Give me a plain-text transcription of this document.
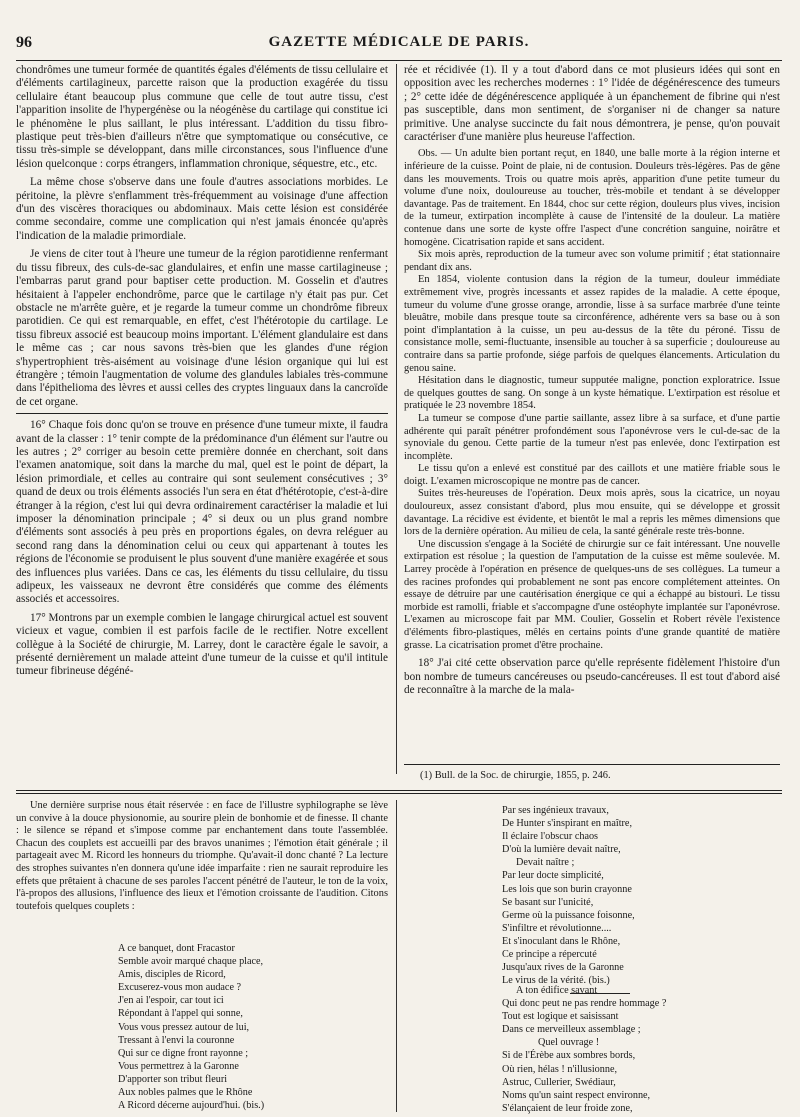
96	GAZETTE MÉDICALE DE PARIS.

chondrômes une tumeur formée de quantités égales d'éléments de tissu cellulaire et d'éléments cartilagineux, parcette raison que la production exagérée du tissu cellulaire étant beaucoup plus commune que celle de tout autre tissu, c'est l'apparition insolite de l'hypergénèse ou la néogénèse du cartilage qui constitue ici le phénomène le plus saillant, le plus intéressant. L'addition du tissu fibro-plastique peut très-bien d'ailleurs n'être que symptomatique ou consécutive, ce tissu très-simple se développant, dans mille circonstances, sous l'influence d'une lésion quelconque : corps étrangers, inflammation chronique, séquestre, etc., etc.

La même chose s'observe dans une foule d'autres associations morbides. Le péritoine, la plèvre s'enflamment très-fréquemment au voisinage d'une affection d'un des viscères thoraciques ou abdominaux. Mais cette lésion est considérée comme secondaire, comme une complication qui n'est jamais énoncée qu'après l'indication de la maladie primordiale.

Je viens de citer tout à l'heure une tumeur de la région parotidienne renfermant du tissu fibreux, des culs-de-sac glandulaires, et enfin une masse cartilagineuse ; l'embarras parut grand pour baptiser cette production. M. Gosselin et d'autres hésitaient à l'appeler enchondrôme, parce que le cartilage n'y était pas pur. Cet obstacle ne m'arrête guère, et je regarde la tumeur comme un chondrôme fibreux parotidien. Ce qui est remarquable, en effet, c'est l'hétérotopie du cartilage. Le tissu fibreux associé est beaucoup moins important. L'élément glandulaire est dans le même cas ; car nous savons très-bien que les glandes d'une région s'hypertrophient très-aisément au voisinage d'une lésion organique qui lui est étrangère ; témoin l'augmentation de volume des glandules labiales très-commune dans l'épithelioma des lèvres et aussi celles des cryptes linguaux dans la cancroïde de cet organe.

16° Chaque fois donc qu'on se trouve en présence d'une tumeur mixte, il faudra avant de la classer : 1° tenir compte de la prédominance d'un élément sur l'autre ou les autres ; 2° corriger au besoin cette première donnée en cherchant, soit dans l'examen anatomique, soit dans la marche du mal, quel est le point de départ, la lésion primordiale, et celles au contraire qui sont seulement consécutives ; 3° quand de deux ou trois éléments associés l'un sera en état d'hétérotopie, c'est-à-dire étranger à la région, c'est lui qui devra ordinairement caractériser la maladie et lui imposer la dénomination principale ; 4° si deux ou un plus grand nombre d'éléments sont associés à peu près en proportions égales, on devra reléguer au second rang dans la dénomination celui ou ceux qui appartenant à toutes les régions de l'économie se produisent le plus souvent d'une manière exagérée et sous des influences plus variées. Dans ce cas, les éléments du tissu cellulaire, du tissu adipeux, les vaisseaux ne devront être considérés que comme des éléments associés et accessoires.

17° Montrons par un exemple combien le langage chirurgical actuel est souvent vicieux et vague, combien il est parfois facile de le rectifier. Notre excellent collègue à la Société de chirurgie, M. Larrey, dont le caractère égale le savoir, a présenté dernièrement un malade atteint d'une tumeur de la cuisse et qu'il intitule tumeur fibrineuse dégéné-

rée et récidivée (1). Il y a tout d'abord dans ce mot plusieurs idées qui sont en opposition avec les recherches modernes : 1° l'idée de dégénérescence des tumeurs ; 2° cette idée de dégénérescence appliquée à un épanchement de fibrine qui n'est pas susceptible, dans mon sentiment, de s'organiser ni de changer sa nature primitive. Une analyse succincte du fait nous démontrera, je pense, qu'on pouvait caractériser d'une manière plus heureuse l'affection.

Obs. — Un adulte bien portant reçut, en 1840, une balle morte à la région interne et inférieure de la cuisse. Point de plaie, ni de contusion. Douleurs très-légères. Pas de gêne dans les mouvements. Trois ou quatre mois après, apparition d'une petite tumeur du volume d'une noix, douloureuse au toucher, très-mobile et tendant à se développer davantage. Pas de traitement. En 1844, choc sur cette région, douleurs plus vives, incision de la tumeur, extirpation incomplète à cause de l'intensité de la douleur. La matière contenue dans une sorte de kyste offre l'aspect d'une concrétion sanguine, noirâtre et homogène. Cicatrisation rapide et sans accident.

Six mois après, reproduction de la tumeur avec son volume primitif ; état stationnaire pendant dix ans.

En 1854, violente contusion dans la région de la tumeur, douleur immédiate extrêmement vive, progrès incessants et assez rapides de la maladie. A cette époque, tumeur du volume d'une grosse orange, arrondie, lisse à sa surface marbrée d'une teinte bleuâtre, mobile dans presque toute sa circonférence, adhérente vers sa base ou à son point d'implantation à la cuisse, un peu au-dessus de la tête du péroné. Tissu de consistance molle, semi-fluctuante, insensible au toucher à sa superficie ; douloureuse au contraire dans sa partie profonde, siége parfois de quelques élancements. Articulation du genou saine.

Hésitation dans le diagnostic, tumeur supputée maligne, ponction exploratrice. Issue de quelques gouttes de sang. On songe à un kyste hématique. L'extirpation est résolue et pratiquée le 23 novembre 1854.

La tumeur se compose d'une partie saillante, assez libre à sa surface, et d'une partie adhérente qui paraît pénétrer profondément sous l'aponévrose vers le cul-de-sac de la synoviale du genou. Cette partie de la tumeur n'est pas enlevée, donc l'extirpation est incomplète.

Le tissu qu'on a enlevé est constitué par des caillots et une matière friable sous le doigt. L'examen microscopique ne montre pas de cancer.

Suites très-heureuses de l'opération. Deux mois après, sous la cicatrice, un noyau douloureux, assez consistant d'abord, plus mou ensuite, qui se développe et grossit davantage. La récidive est évidente, et bientôt le mal a repris les mêmes dimensions que lors de la dernière opération. Au milieu de cela, la santé générale reste très-bonne.

Une discussion s'engage à la Société de chirurgie sur ce fait intéressant. Une nouvelle extirpation est résolue ; la question de l'amputation de la cuisse est même soulevée. M. Larrey procède à l'opération en présence de quelques-uns de ses collègues. La tumeur a des racines profondes qui probablement ne sont pas encore complétement atteintes. On essaye de détruire par une cautérisation énergique ce qui a échappé au bistouri. Le tissu morbide est ramolli, friable et s'accompagne d'une ostéophyte implantée sur l'aponévrose. L'examen au microscope fait par MM. Coulier, Gosselin et Robert révèle l'existence d'éléments fibro-plastiques, mêlés en certains points d'une grande quantité de matière grasse. La cicatrisation promet d'être prochaine.

18° J'ai cité cette observation parce qu'elle représente fidèlement l'histoire d'un bon nombre de tumeurs cancéreuses ou pseudo-cancéreuses. Il est tout d'abord aisé de reconnaître à la marche de la mala-

(1) Bull. de la Soc. de chirurgie, 1855, p. 246.

Une dernière surprise nous était réservée : en face de l'illustre syphilographe se lève un convive à la douce physionomie, au sourire plein de bonhomie et de finesse. Il chante : le silence se répand et s'impose comme par enchantement dans toute l'assemblée. Chacun des couplets est accueilli par des bravos unanimes ; l'émotion était générale ; il partageait avec M. Ricord les honneurs du triomphe. Qu'avait-il donc chanté ? La lecture des strophes suivantes n'en donnera qu'une idée imparfaite : rien ne saurait reproduire les effets que prêtaient à chacune de ses paroles l'accent pénétré de l'auteur, le ton de la voix, l'à-propos des allusions, l'influence des lieux et l'émotion croissante de l'audition. Citons toutefois quelques couplets :

A ce banquet, dont Fracastor
Semble avoir marqué chaque place,
Amis, disciples de Ricord,
Excuserez-vous mon audace ?
J'en ai l'espoir, car tout ici
Répondant à l'appel qui sonne,
Vous vous pressez autour de lui,
Tressant à l'envi la couronne
Qui sur ce digne front rayonne ;
Vous permettrez à la Garonne
D'apporter son tribut fleuri
Aux nobles palmes que le Rhône
A Ricord décerne aujourd'hui. (bis.)
Par ses ingénieux travaux,
De Hunter s'inspirant en maître,
Il éclaire l'obscur chaos
D'où la lumière devait naître,
Devait naître ;
Par leur docte simplicité,
Les lois que son burin crayonne
Se basant sur l'unicité,
Germe où la puissance foisonne,
S'infiltre et révolutionne....
Et s'inoculant dans le Rhône,
Ce principe a répercuté
Jusqu'aux rives de la Garonne
Le virus de la vérité. (bis.)
A ton édifice savant
Qui donc peut ne pas rendre hommage ?
Tout est logique et saisissant
Dans ce merveilleux assemblage ;
Quel ouvrage !
Si de l'Érèbe aux sombres bords,
Où rien, hélas ! n'illusionne,
Astruc, Cullerier, Swédiaur,
Noms qu'un saint respect environne,
S'élançaient de leur froide zone,
